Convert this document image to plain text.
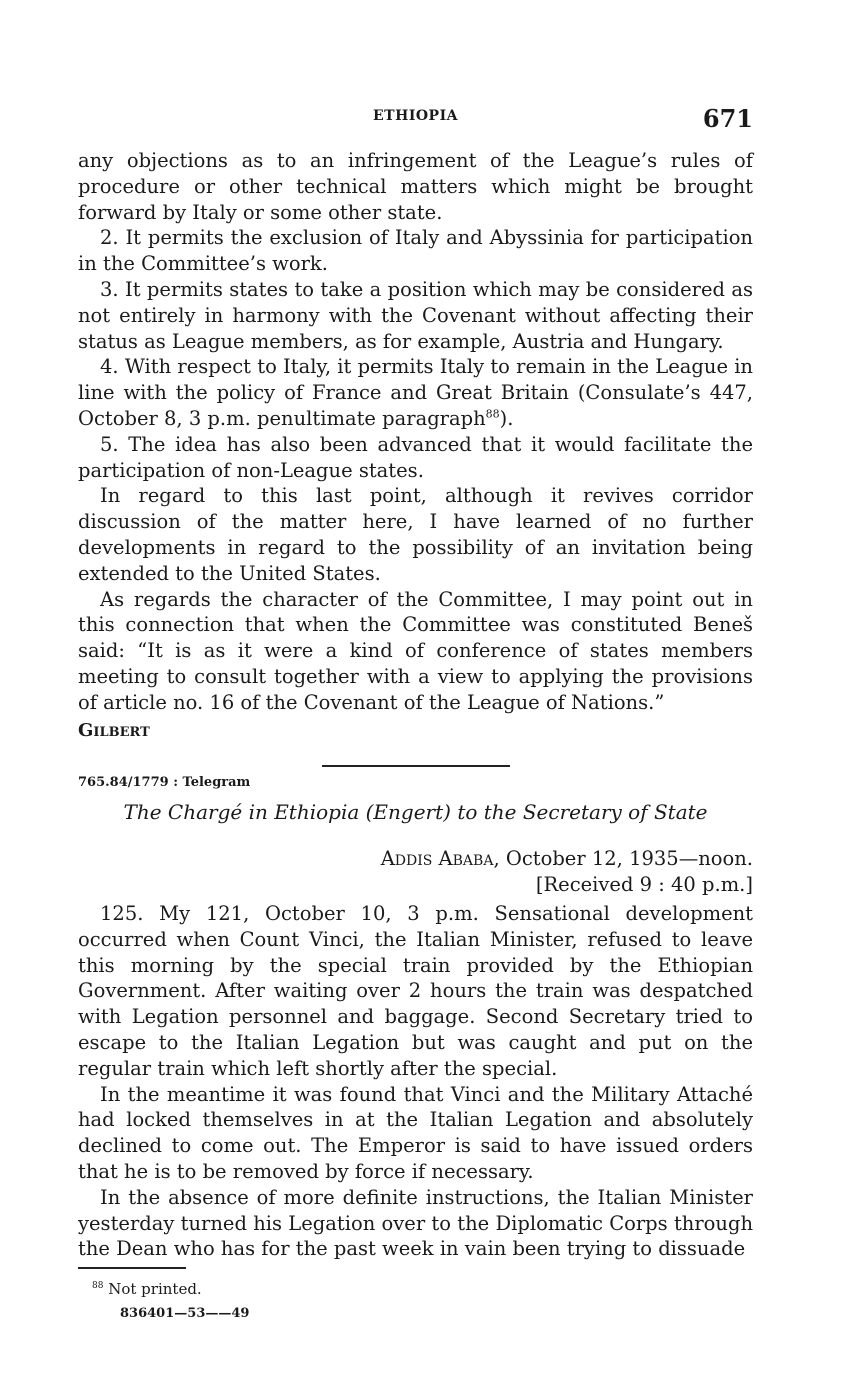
ETHIOPIA	671

any objections as to an infringement of the League’s rules of procedure or other technical matters which might be brought forward by Italy or some other state.

2. It permits the exclusion of Italy and Abyssinia for participation in the Committee’s work.

3. It permits states to take a position which may be considered as not entirely in harmony with the Covenant without affecting their status as League members, as for example, Austria and Hungary.

4. With respect to Italy, it permits Italy to remain in the League in line with the policy of France and Great Britain (Consulate’s 447, October 8, 3 p.m. penultimate paragraph$^{88}$).

5. The idea has also been advanced that it would facilitate the participation of non-League states.

In regard to this last point, although it revives corridor discussion of the matter here, I have learned of no further developments in regard to the possibility of an invitation being extended to the United States.

As regards the character of the Committee, I may point out in this connection that when the Committee was constituted Beneš said: “It is as it were a kind of conference of states members meeting to consult together with a view to applying the provisions of article no. 16 of the Covenant of the League of Nations.”

Gilbert

765.84/1779 : Telegram
The Chargé in Ethiopia (Engert) to the Secretary of State
Addis Ababa, October 12, 1935—noon.
[Received 9 : 40 p.m.]

125. My 121, October 10, 3 p.m. Sensational development occurred when Count Vinci, the Italian Minister, refused to leave this morning by the special train provided by the Ethiopian Government. After waiting over 2 hours the train was despatched with Legation personnel and baggage. Second Secretary tried to escape to the Italian Legation but was caught and put on the regular train which left shortly after the special.

In the meantime it was found that Vinci and the Military Attaché had locked themselves in at the Italian Legation and absolutely declined to come out. The Emperor is said to have issued orders that he is to be removed by force if necessary.

In the absence of more definite instructions, the Italian Minister yesterday turned his Legation over to the Diplomatic Corps through the Dean who has for the past week in vain been trying to dissuade

$^{88}$ Not printed.
836401—53——49
